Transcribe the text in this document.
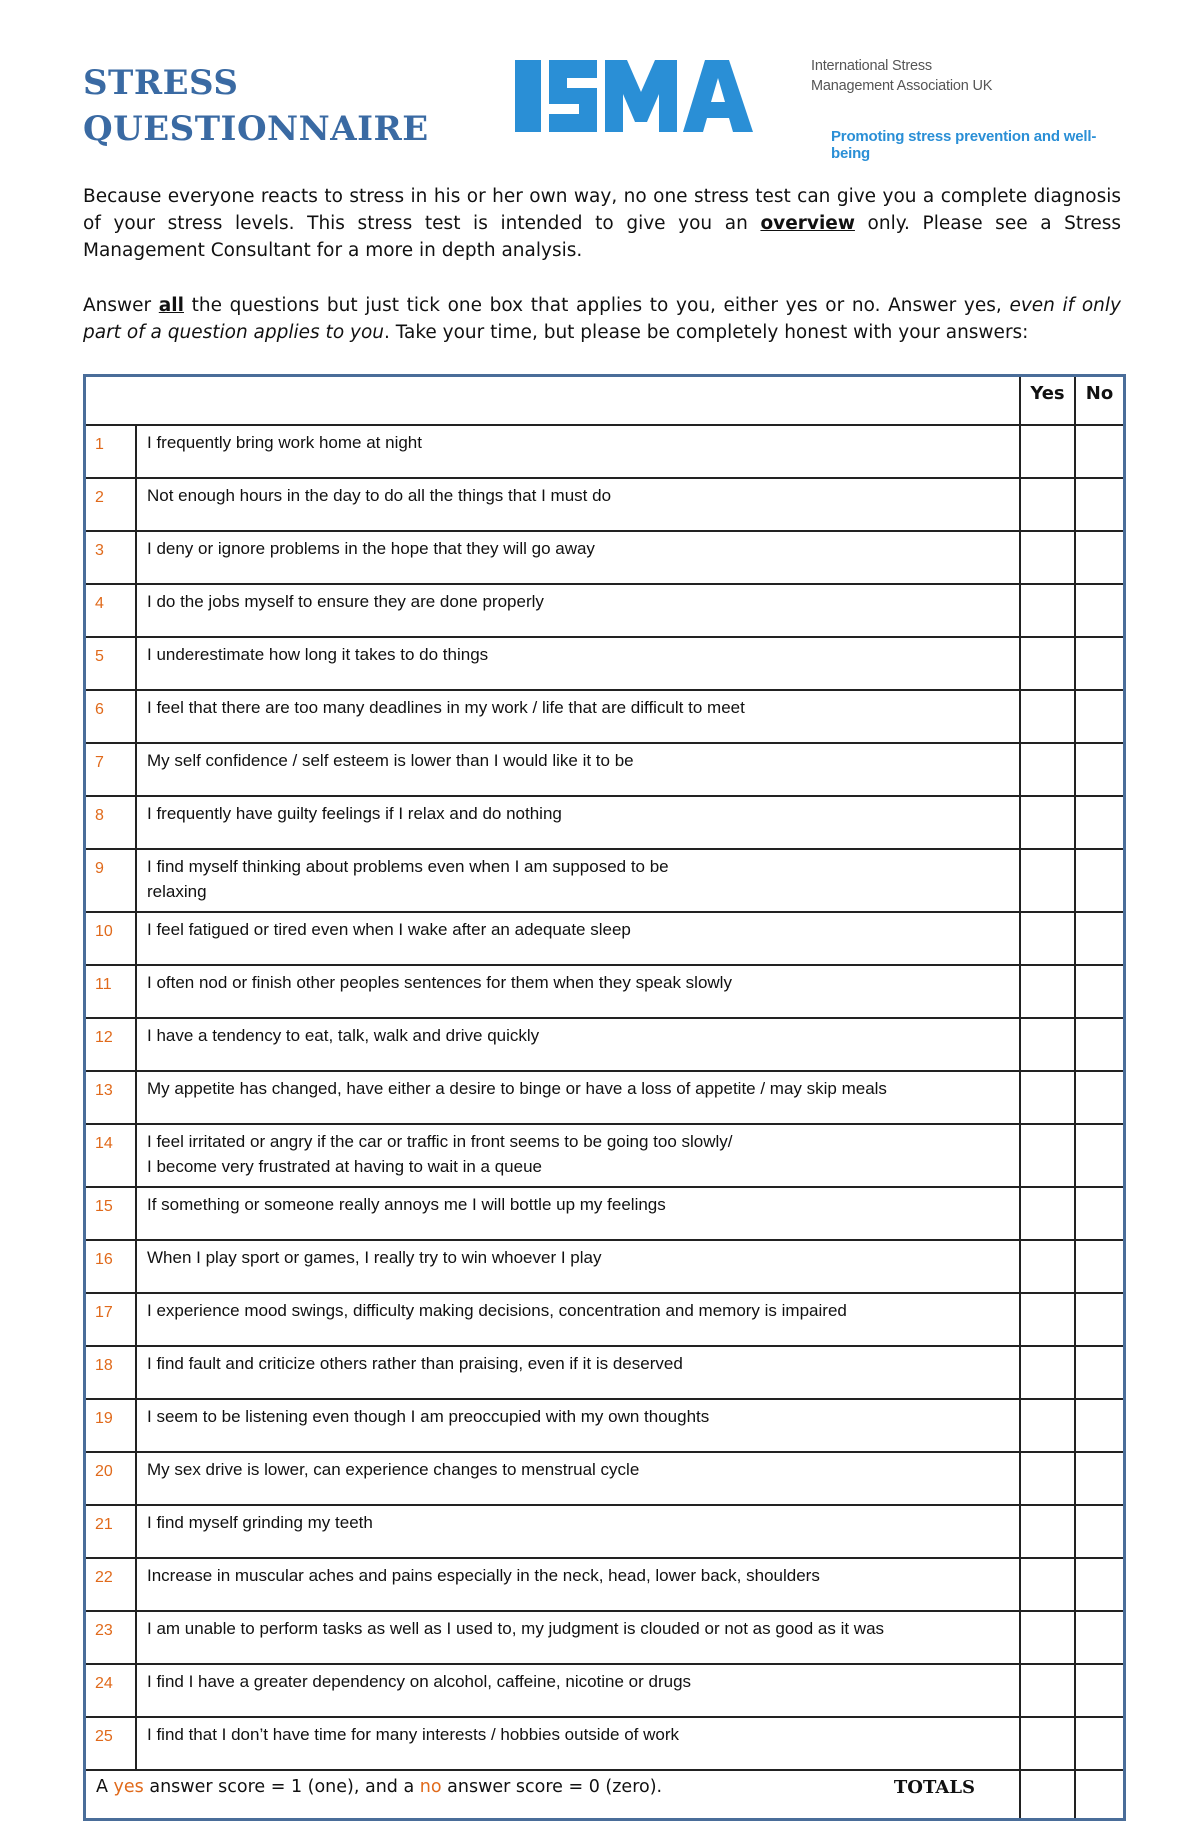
STRESS
QUESTIONNAIRE	UK
International Stress
Management Association UK
Promoting stress prevention and well-being
Because everyone reacts to stress in his or her own way, no one stress test can give you a complete diagnosis of your stress levels. This stress test is intended to give you an overview only. Please see a Stress Management Consultant for a more in depth analysis.
Answer all the questions but just tick one box that applies to you, either yes or no. Answer yes, even if only part of a question applies to you. Take your time, but please be completely honest with your answers:
		Yes	No
1	I frequently bring work home at night		

2	Not enough hours in the day to do all the things that I must do		

3	I deny or ignore problems in the hope that they will go away		

4	I do the jobs myself to ensure they are done properly		

5	I underestimate how long it takes to do things		

6	I feel that there are too many deadlines in my work / life that are difficult to meet		

7	My self confidence / self esteem is lower than I would like it to be		

8	I frequently have guilty feelings if I relax and do nothing		

9	I find myself thinking about problems even when I am supposed to be
relaxing		

10	I feel fatigued or tired even when I wake after an adequate sleep		

11	I often nod or finish other peoples sentences for them when they speak slowly		

12	I have a tendency to eat, talk, walk and drive quickly		

13	My appetite has changed, have either a desire to binge or have a loss of appetite / may skip meals		

14	I feel irritated or angry if the car or traffic in front seems to be going too slowly/
I become very frustrated at having to wait in a queue		

15	If something or someone really annoys me I will bottle up my feelings		

16	When I play sport or games, I really try to win whoever I play		

17	I experience mood swings, difficulty making decisions, concentration and memory is impaired		

18	I find fault and criticize others rather than praising, even if it is deserved		

19	I seem to be listening even though I am preoccupied with my own thoughts		

20	My sex drive is lower, can experience changes to menstrual cycle		

21	I find myself grinding my teeth		

22	Increase in muscular aches and pains especially in the neck, head, lower back, shoulders		

23	I am unable to perform tasks as well as I used to, my judgment is clouded or not as good as it was		

24	I find I have a greater dependency on alcohol, caffeine, nicotine or drugs		

25	I find that I don’t have time for many interests / hobbies outside of work		

A yes answer score = 1 (one), and a no answer score = 0 (zero). TOTALS			
